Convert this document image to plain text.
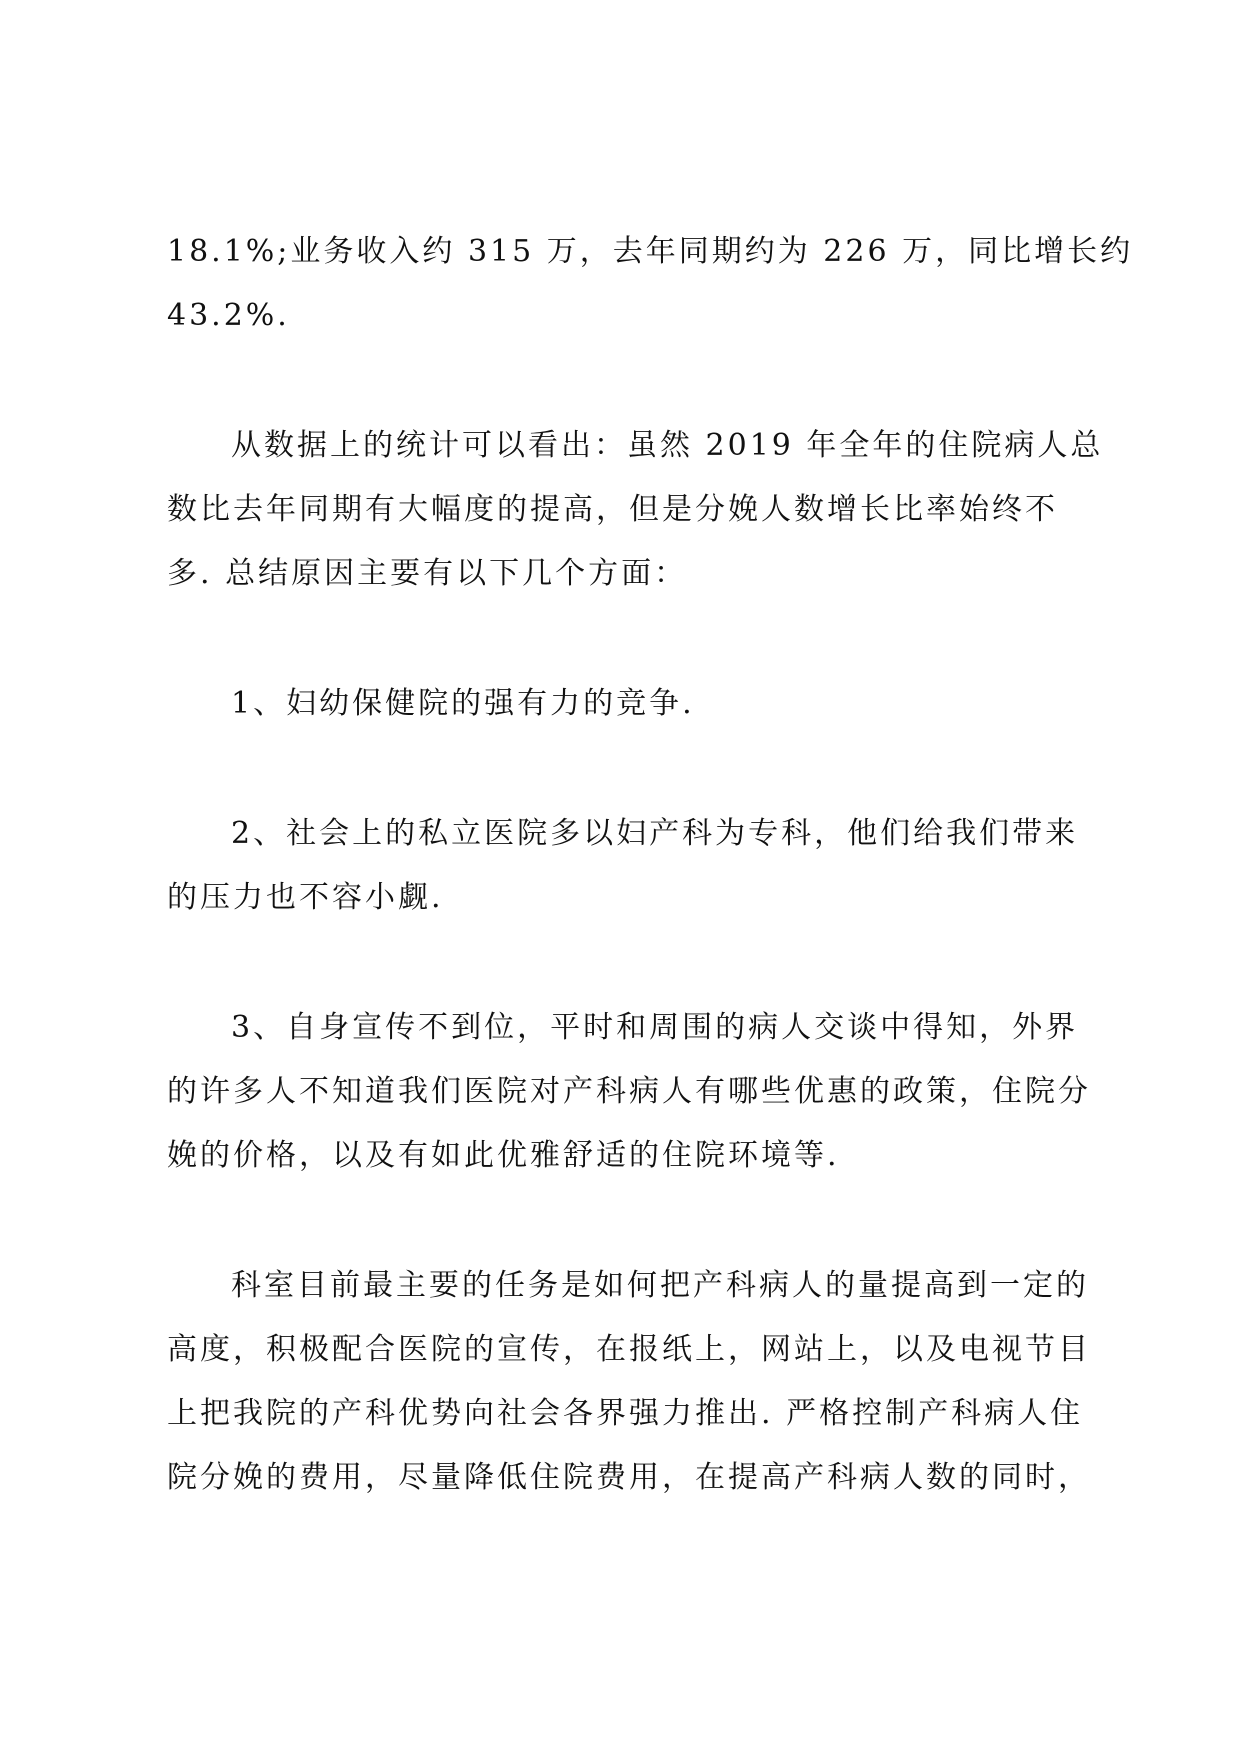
18.1%;业务收入约 315 万，去年同期约为 226 万，同比增长约
43.2%.

从数据上的统计可以看出：虽然 2019 年全年的住院病人总
数比去年同期有大幅度的提高，但是分娩人数增长比率始终不
多. 总结原因主要有以下几个方面：

1、妇幼保健院的强有力的竞争.

2、社会上的私立医院多以妇产科为专科，他们给我们带来
的压力也不容小觑.

3、自身宣传不到位，平时和周围的病人交谈中得知，外界
的许多人不知道我们医院对产科病人有哪些优惠的政策，住院分
娩的价格，以及有如此优雅舒适的住院环境等.

科室目前最主要的任务是如何把产科病人的量提高到一定的
高度，积极配合医院的宣传，在报纸上，网站上，以及电视节目
上把我院的产科优势向社会各界强力推出. 严格控制产科病人住
院分娩的费用，尽量降低住院费用，在提高产科病人数的同时，
